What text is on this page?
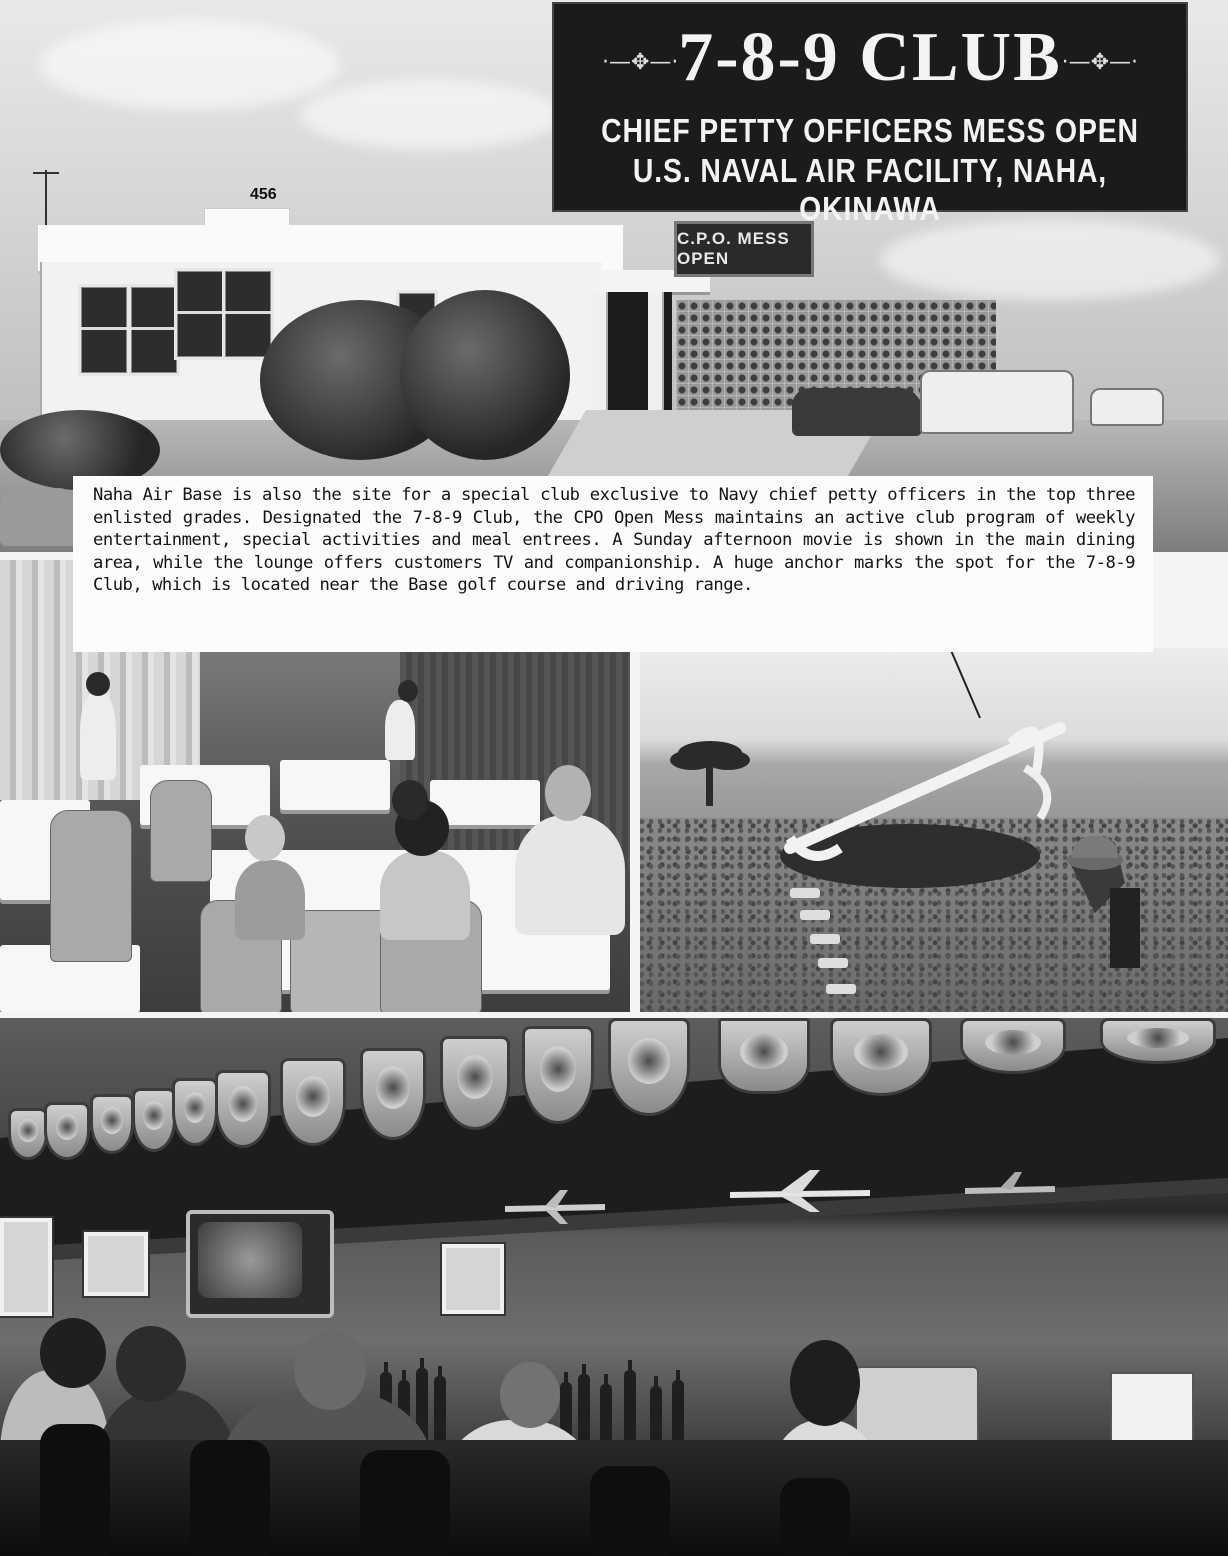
456
C.P.O. MESS OPEN
·—✥—·	·—✥—·
7-8-9 CLUB
CHIEF PETTY OFFICERS MESS OPEN
U.S. NAVAL AIR FACILITY, NAHA, OKINAWA

Naha Air Base is also the site for a special club exclusive to Navy chief petty officers in the top three enlisted grades. Designated the 7-8-9 Club, the CPO Open Mess maintains an active club program of weekly entertainment, special activities and meal entrees. A Sunday afternoon movie is shown in the main dining area, while the lounge offers customers TV and companionship. A huge anchor marks the spot for the 7-8-9 Club, which is located near the Base golf course and driving range.
